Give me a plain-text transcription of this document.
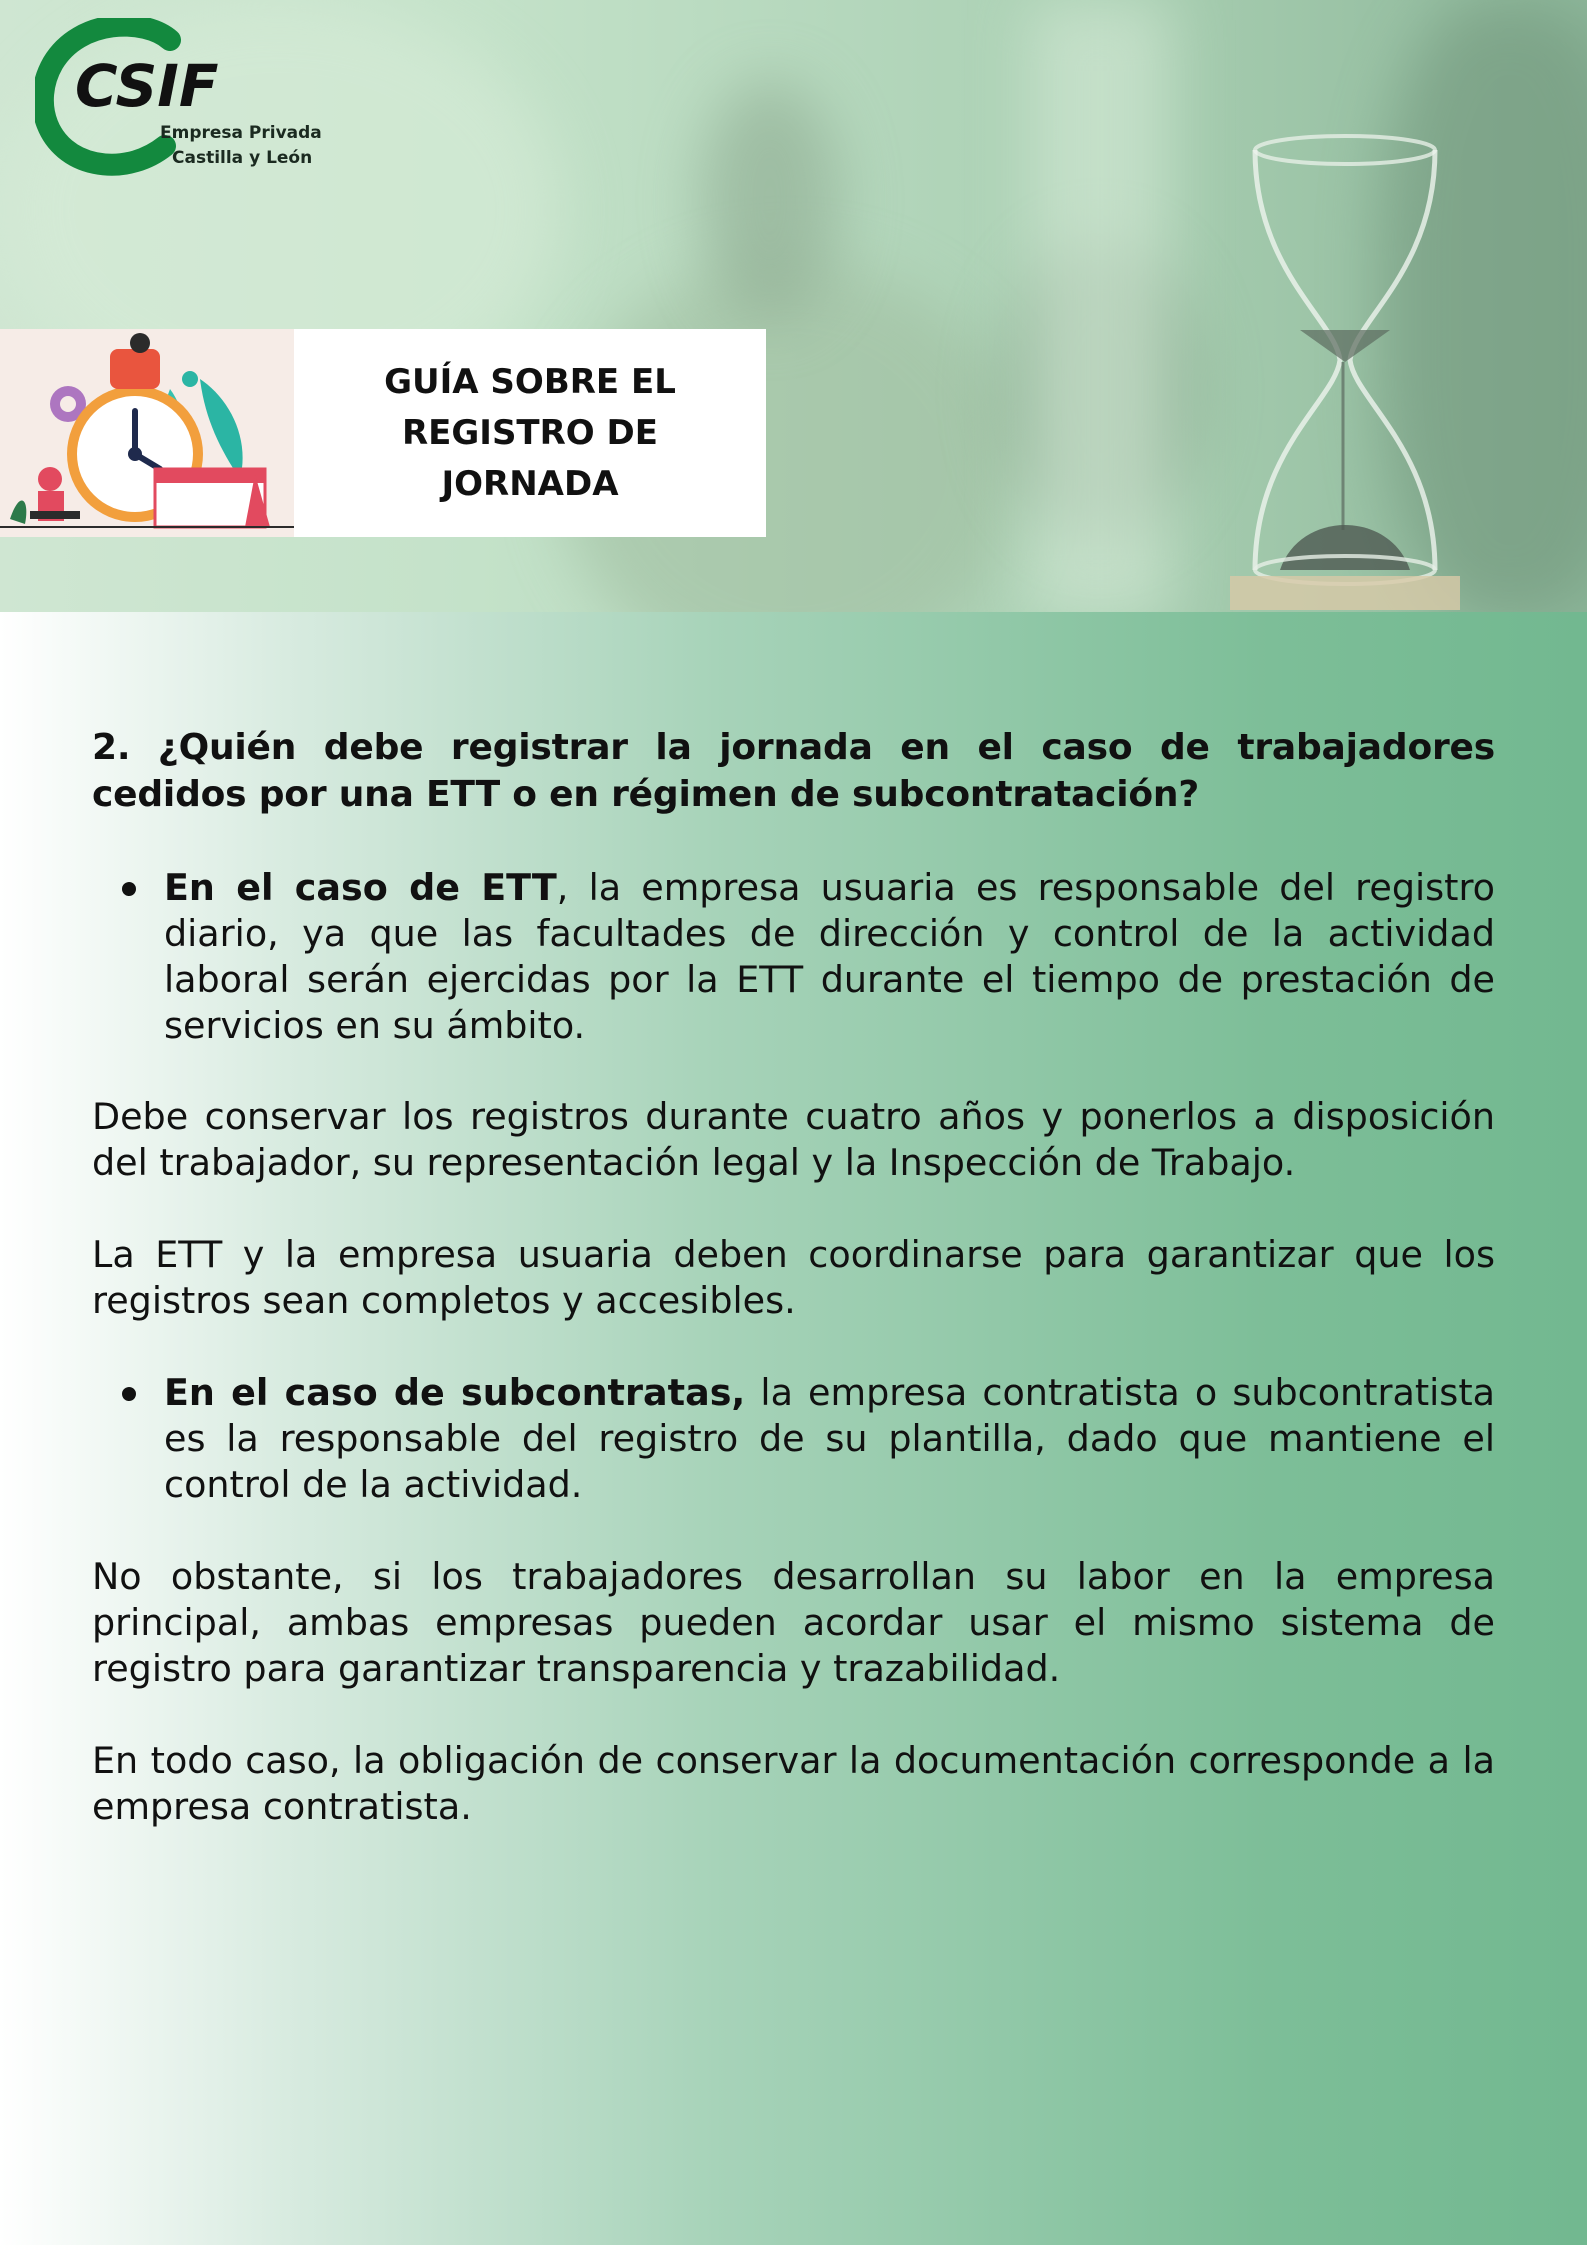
CSIF
Empresa Privada
Castilla y León
GUÍA SOBRE EL
REGISTRO DE
JORNADA

2. ¿Quién debe registrar la jornada en el caso de trabajadores cedidos por una ETT o en régimen de subcontratación?

En el caso de ETT, la empresa usuaria es responsable del registro diario, ya que las facultades de dirección y control de la actividad laboral serán ejercidas por la ETT durante el tiempo de prestación de servicios en su ámbito.

Debe conservar los registros durante cuatro años y ponerlos a disposición del trabajador, su representación legal y la Inspección de Trabajo.

La ETT y la empresa usuaria deben coordinarse para garantizar que los registros sean completos y accesibles.

En el caso de subcontratas, la empresa contratista o subcontratista es la responsable del registro de su plantilla, dado que mantiene el control de la actividad.

No obstante, si los trabajadores desarrollan su labor en la empresa principal, ambas empresas pueden acordar usar el mismo sistema de registro para garantizar transparencia y trazabilidad.

En todo caso, la obligación de conservar la documentación corresponde a la empresa contratista.
